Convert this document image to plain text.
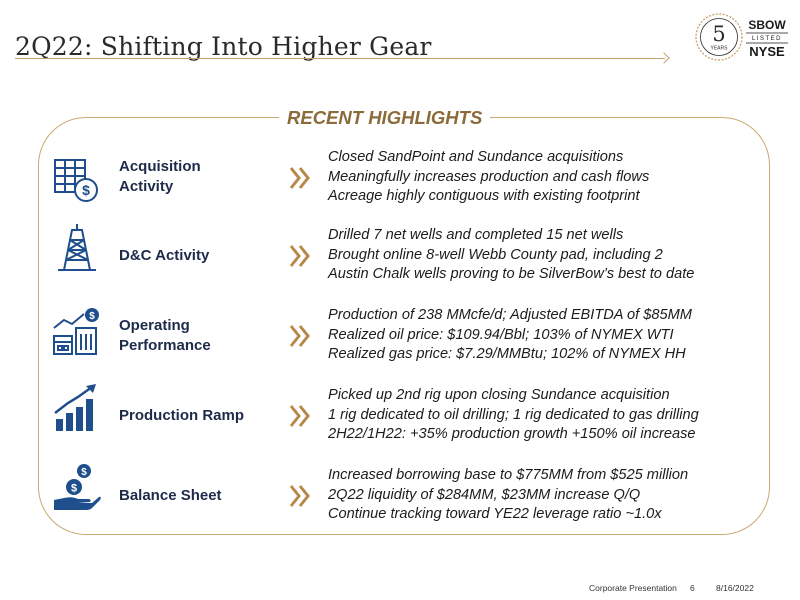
2Q22: Shifting Into Higher Gear	5
YEARS
SBOW
LISTED
NYSE
RECENT HIGHLIGHTS
$
Acquisition
Activity
Closed SandPoint and Sundance acquisitions
Meaningfully increases production and cash flows
Acreage highly contiguous with existing footprint
D&C Activity
Drilled 7 net wells and completed 15 net wells
Brought online 8-well Webb County pad, including 2
Austin Chalk wells proving to be SilverBow’s best to date
$
Operating
Performance
Production of 238 MMcfe/d; Adjusted EBITDA of $85MM
Realized oil price: $109.94/Bbl; 103% of NYMEX WTI
Realized gas price: $7.29/MMBtu; 102% of NYMEX HH
Production Ramp
Picked up 2nd rig upon closing Sundance acquisition
1 rig dedicated to oil drilling; 1 rig dedicated to gas drilling
2H22/1H22: +35% production growth +150% oil increase
$
$	Balance Sheet
Increased borrowing base to $775MM from $525 million
2Q22 liquidity of $284MM, $23MM increase Q/Q
Continue tracking toward YE22 leverage ratio ~1.0x
Corporate Presentation 6	8/16/2022
